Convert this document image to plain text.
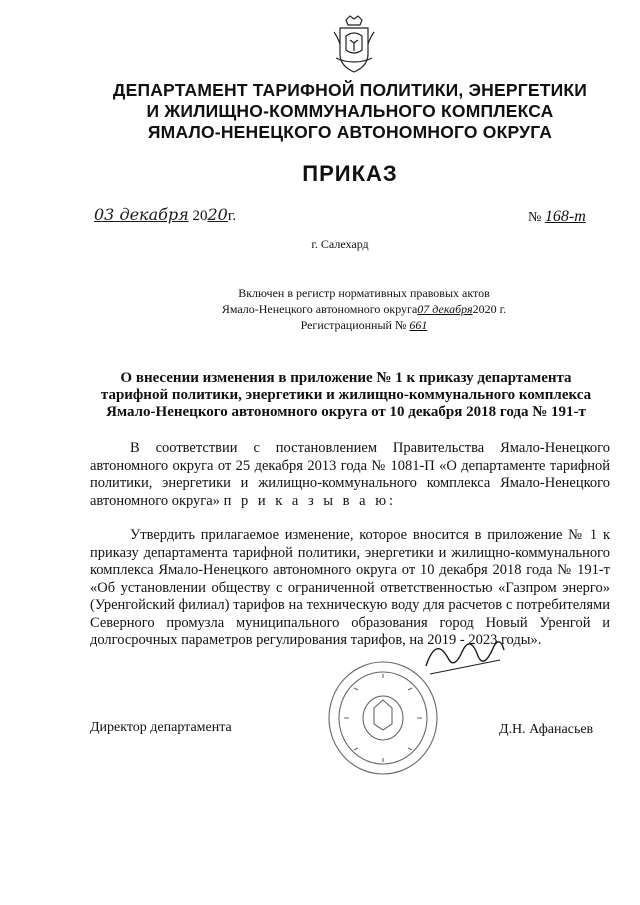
ДЕПАРТАМЕНТ ТАРИФНОЙ ПОЛИТИКИ, ЭНЕРГЕТИКИ
И ЖИЛИЩНО-КОММУНАЛЬНОГО КОМПЛЕКСА
ЯМАЛО-НЕНЕЦКОГО АВТОНОМНОГО ОКРУГА
ПРИКАЗ
03 декабря 2020г.	№ 168-т
г. Салехард
Включен в регистр нормативных правовых актов
Ямало-Ненецкого автономного округа07 декабря2020 г.
Регистрационный № 661
О внесении изменения в приложение № 1 к приказу департамента
тарифной политики, энергетики и жилищно-коммунального комплекса
Ямало-Ненецкого автономного округа от 10 декабря 2018 года № 191-т
В соответствии с постановлением Правительства Ямало-Ненецкого автономного округа от 25 декабря 2013 года № 1081-П «О департаменте тарифной политики, энергетики и жилищно-коммунального комплекса Ямало-Ненецкого автономного округа» п р и к а з ы в а ю:
Утвердить прилагаемое изменение, которое вносится в приложение № 1 к приказу департамента тарифной политики, энергетики и жилищно-коммунального комплекса Ямало-Ненецкого автономного округа от 10 декабря 2018 года № 191-т «Об установлении обществу с ограниченной ответственностью «Газпром энерго» (Уренгойский филиал) тарифов на техническую воду для расчетов с потребителями Северного промузла муниципального образования город Новый Уренгой и долгосрочных параметров регулирования тарифов, на 2019 - 2023 годы».
Директор департамента	Д.Н. Афанасьев
